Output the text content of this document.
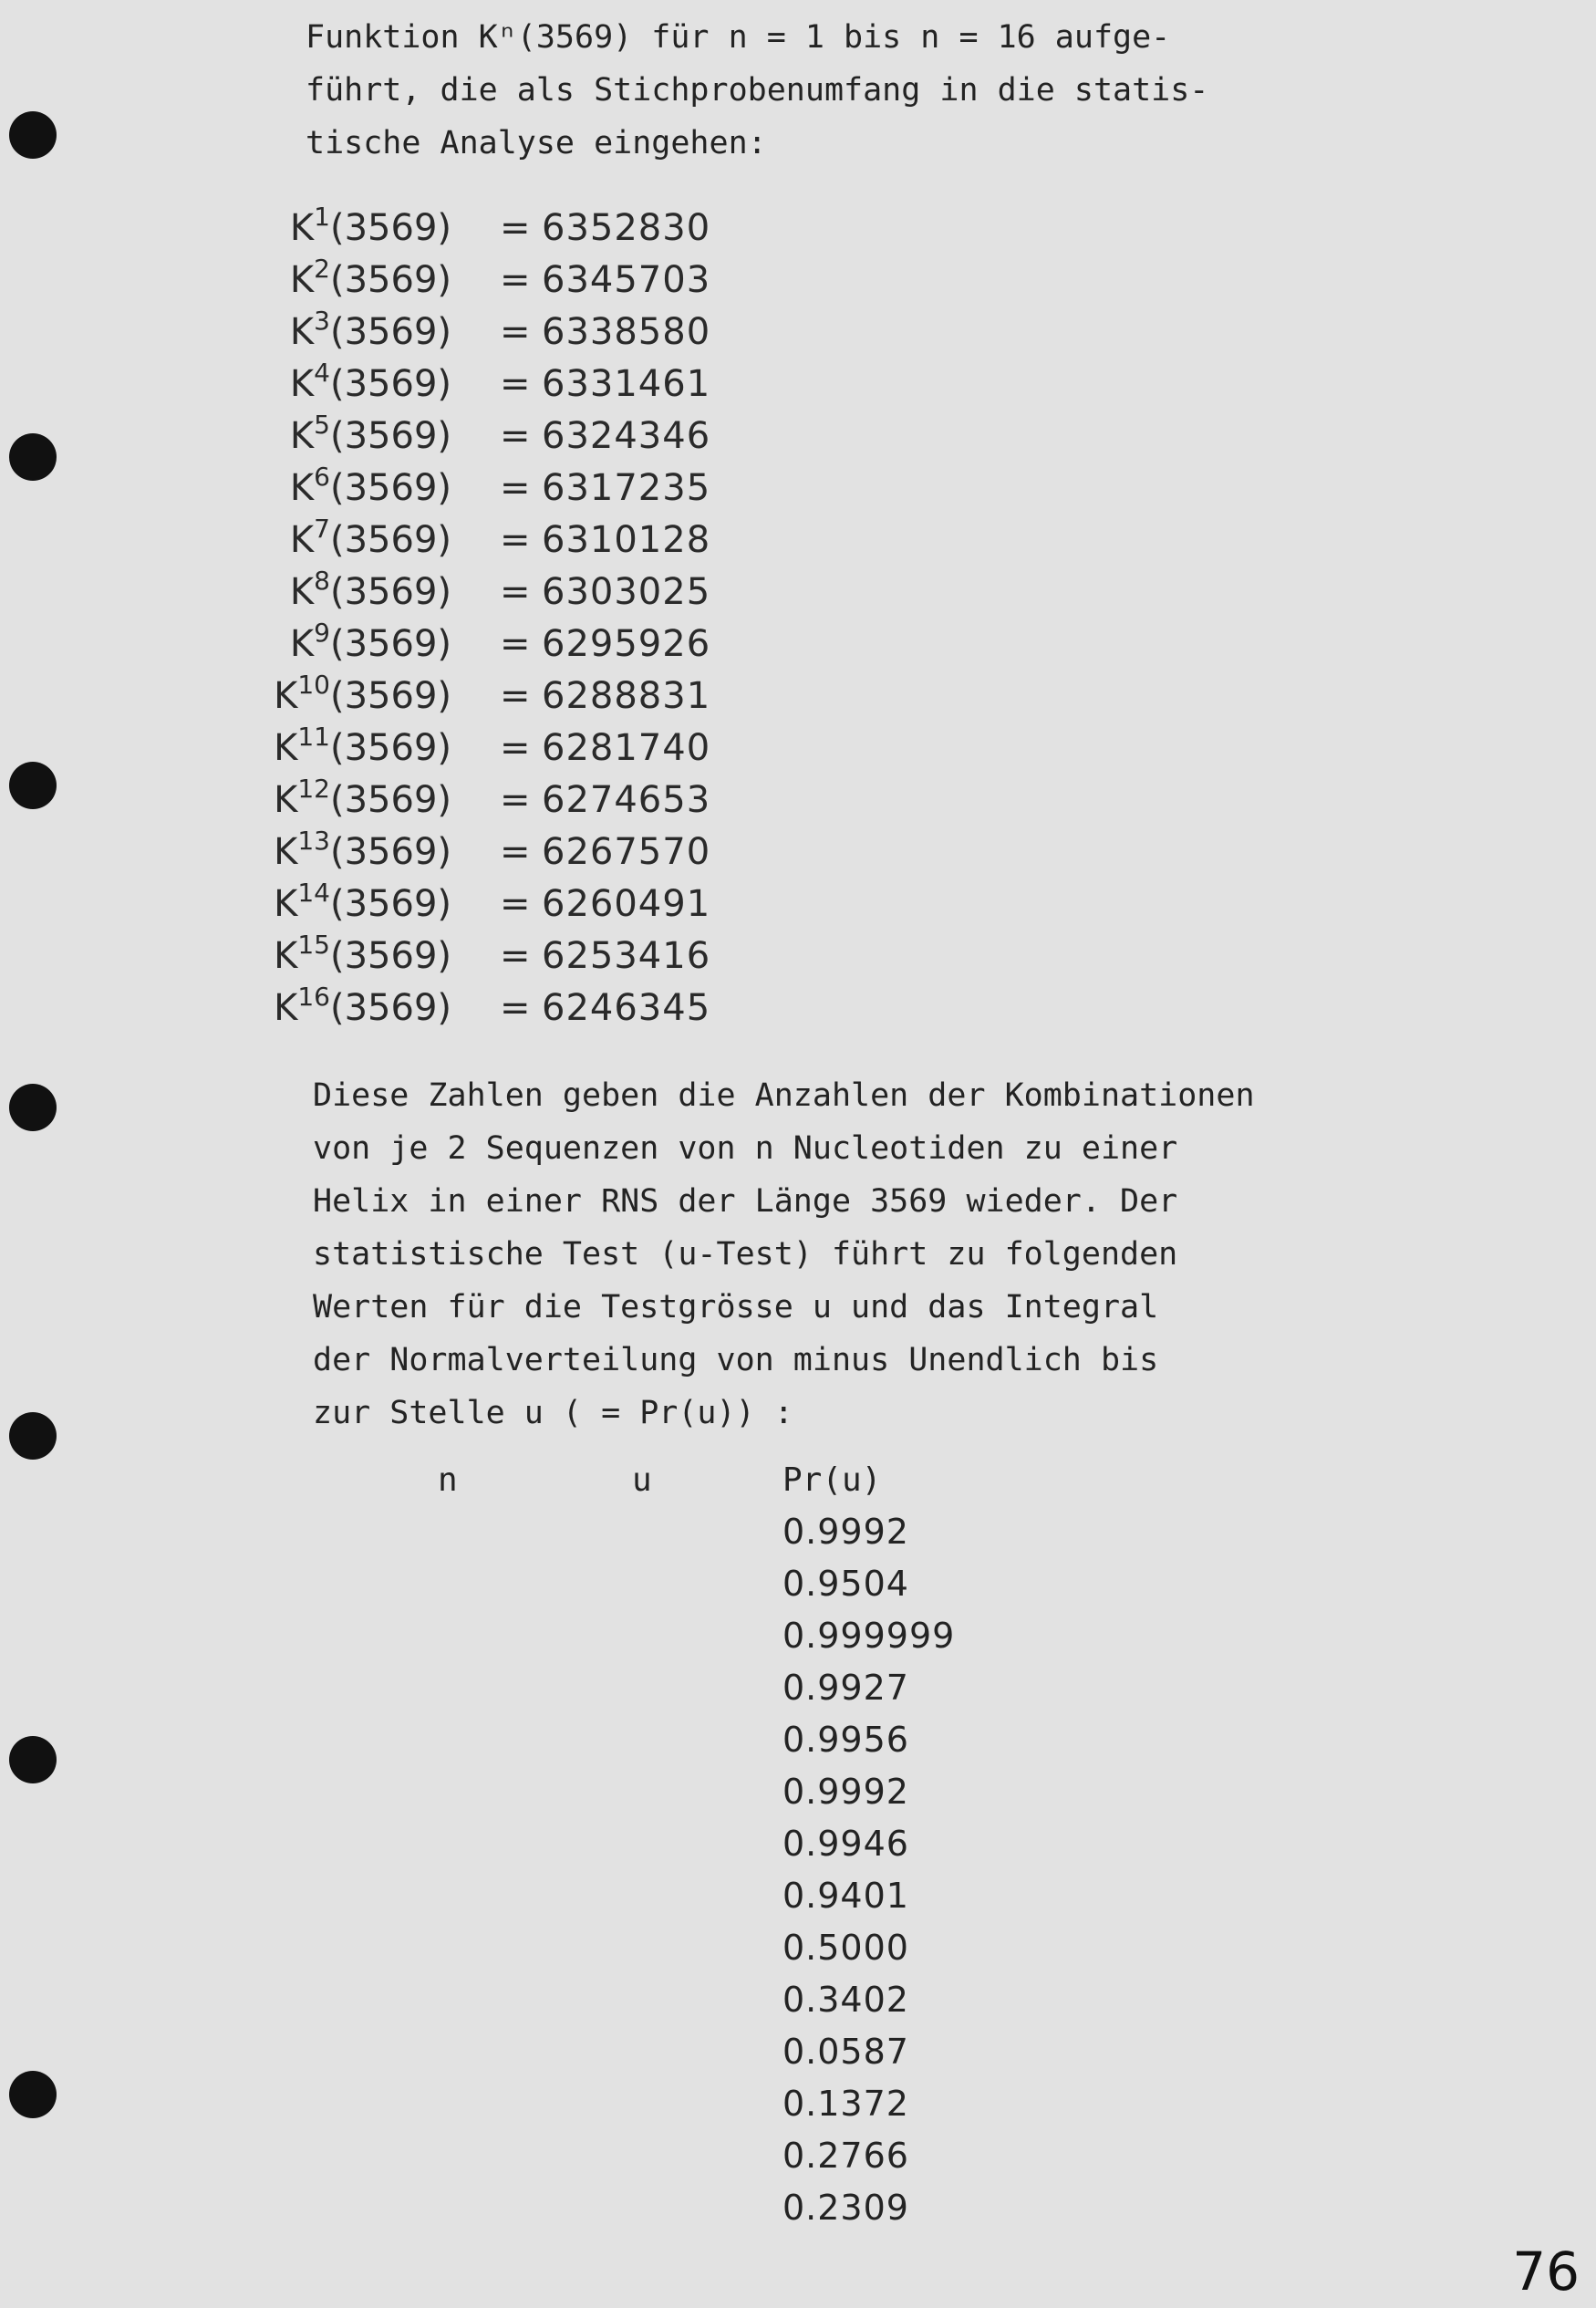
Funktion Kⁿ(3569) für n = 1 bis n = 16 aufge-

führt, die als Stichprobenumfang in die statis-

tische Analyse eingehen:

$K^1(3569) = 6352830$
$K^2(3569) = 6345703$
$K^3(3569) = 6338580$
$K^4(3569) = 6331461$
$K^5(3569) = 6324346$
$K^6(3569) = 6317235$
$K^7(3569) = 6310128$
$K^8(3569) = 6303025$
$K^9(3569) = 6295926$
$K^{10}(3569) = 6288831$
$K^{11}(3569) = 6281740$
$K^{12}(3569) = 6274653$
$K^{13}(3569) = 6267570$
$K^{14}(3569) = 6260491$
$K^{15}(3569) = 6253416$
$K^{16}(3569) = 6246345$

Diese Zahlen geben die Anzahlen der Kombinationen

von je 2 Sequenzen von n Nucleotiden zu einer

Helix in einer RNS der Länge 3569 wieder. Der

statistische Test (u-Test) führt zu folgenden

Werten für die Testgrösse u und das Integral

der Normalverteilung von minus Unendlich bis

zur Stelle u ( = Pr(u)) :

n	u	Pr(u)
0.9992
0.9504
0.999999
0.9927
0.9956
0.9992
0.9946
0.9401
0.5000
0.3402
0.0587
0.1372
0.2766
0.2309
76
